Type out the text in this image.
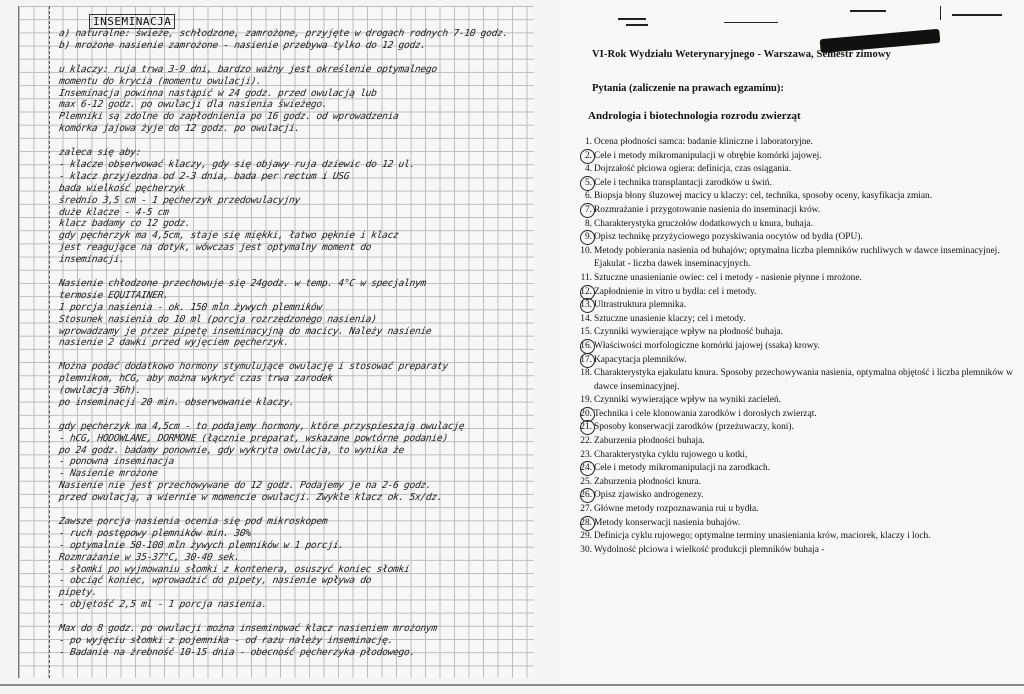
INSEMINACJA
a) naturalne: świeże, schłodzone, zamrożone, przyjęte w drogach rodnych 7-10 godz.
b) mrożone nasienie zamrożone - nasienie przebywa tylko do 12 godz.
u klaczy: ruja trwa 3-9 dni, bardzo ważny jest określenie optymalnego
momentu do krycia (momentu owulacji).
Inseminacja powinna nastąpić w 24 godz. przed owulacją lub
max 6-12 godz. po owulacji dla nasienia świeżego.
Plemniki są zdolne do zapłodnienia po 16 godz. od wprowadzenia
komórka jajowa żyje do 12 godz. po owulacji.
zaleca się aby:
- klacze obserwować klaczy, gdy się objawy ruja dziewic do 12 ul.
- klacz przyjezdna od 2-3 dnia, bada per rectum i USG
bada wielkość pęcherzyk
średnio 3,5 cm - 1 pęcherzyk przedowulacyjny
duże klacze - 4-5 cm
klacz badamy co 12 godz.
gdy pęcherzyk ma 4,5cm, staje się miękki, łatwo pęknie i klacz
jest reagujące na dotyk, wówczas jest optymalny moment do
inseminacji.
Nasienie chłodzone przechowuje się 24godz. w temp. 4°C w specjalnym
termosie EQUITAINER.
1 porcja nasienia - ok. 150 mln żywych plemników
Stosunek nasienia do 10 ml (porcja rozrzedzonego nasienia)
wprowadzamy je przez pipetę inseminacyjną do macicy. Należy nasienie
nasienie 2 dawki przed wyjęciem pęcherzyk.
Można podać dodatkowo hormony stymulujące owulację i stosować preparaty
plemnikom, hCG, aby można wykryć czas trwa zarodek
(owulacja 36h).
po inseminacji 20 min. obserwowanie klaczy.
gdy pęcherzyk ma 4,5cm - to podajemy hormony, które przyspieszają owulację
- hCG, HODOWLANE, DORMONE (łącznie preparat, wskazane powtórne podanie)
po 24 godz. badamy ponownie, gdy wykryta owulacja, to wynika że
- ponowna inseminacja
- Nasienie mrożone
Nasienie nie jest przechowywane do 12 godz. Podajemy je na 2-6 godz.
przed owulacją, a wiernie w momencie owulacji. Zwykle klacz ok. 5x/dz.
Zawsze porcja nasienia ocenia się pod mikroskopem
- ruch postępowy plemników min. 30%
- optymalnie 50-100 mln żywych plemników w 1 porcji.
Rozmrażanie w 35-37°C, 30-40 sek.
- słomki po wyjmowaniu słomki z kontenera, osuszyć koniec słomki
- obciąć koniec, wprowadzić do pipety, nasienie wpływa do
pipety.
- objętość 2,5 ml - 1 porcja nasienia.
Max do 8 godz. po owulacji można inseminować klacz nasieniem mrożonym
- po wyjęciu słomki z pojemnika - od razu należy inseminację.
- Badanie na żrebność 10-15 dnia - obecność pęcherzyka płodowego.
VI-Rok Wydziału Weterynaryjnego - Warszawa, Semestr zimowy
Pytania (zaliczenie na prawach egzaminu):
Andrologia i biotechnologia rozrodu zwierząt
1. Ocena płodności samca: badanie kliniczne i laboratoryjne.
2. Cele i metody mikromanipulacji w obrębie komórki jajowej.
4. Dojrzałość płciowa ogiera: definicja, czas osiągania.
5. Cele i technika transplantacji zarodków u świń.
6. Biopsja błony śluzowej macicy u klaczy: cel, technika, sposoby oceny, kasyfikacja zmian.
7. Rozmrażanie i przygotowanie nasienia do inseminacji krów.
8. Charakterystyka gruczołów dodatkowych u knura, buhaja.
9. Opisz technikę przyżyciowego pozyskiwania oocytów od bydła (OPU).
10. Metody pobierania nasienia od buhajów; optymalna liczba plemników ruchliwych w dawce inseminacyjnej. Ejakulat - liczba dawek inseminacyjnych.
11. Sztuczne unasienianie owiec: cel i metody - nasienie płynne i mrożone.
12. Zapłodnienie in vitro u bydła: cel i metody.
13. Ultrastruktura plemnika.
14. Sztuczne unasienie klaczy; cel i metody.
15. Czynniki wywierające wpływ na płodność buhaja.
16. Właściwości morfologiczne komórki jajowej (ssaka) krowy.
17. Kapacytacja plemników.
18. Charakterystyka ejakulatu knura. Sposoby przechowywania nasienia, optymalna objętość i liczba plemników w dawce inseminacyjnej.
19. Czynniki wywierające wpływ na wyniki zacieleń.
20. Technika i cele klonowania zarodków i dorosłych zwierząt.
21. Sposoby konserwacji zarodków (przeżuwaczy, koni).
22. Zaburzenia płodności buhaja.
23. Charakterystyka cyklu rujowego u kotki,
24. Cele i metody mikromanipulacji na zarodkach.
25. Zaburzenia płodności knura.
26. Opisz zjawisko androgenezy.
27. Główne metody rozpoznawania rui u bydła.
28. Metody konserwacji nasienia buhajów.
29. Definicja cyklu rujowego; optymalne terminy unasieniania krów, maciorek, klaczy i loch.
30. Wydolność płciowa i wielkość produkcji plemników buhaja -
